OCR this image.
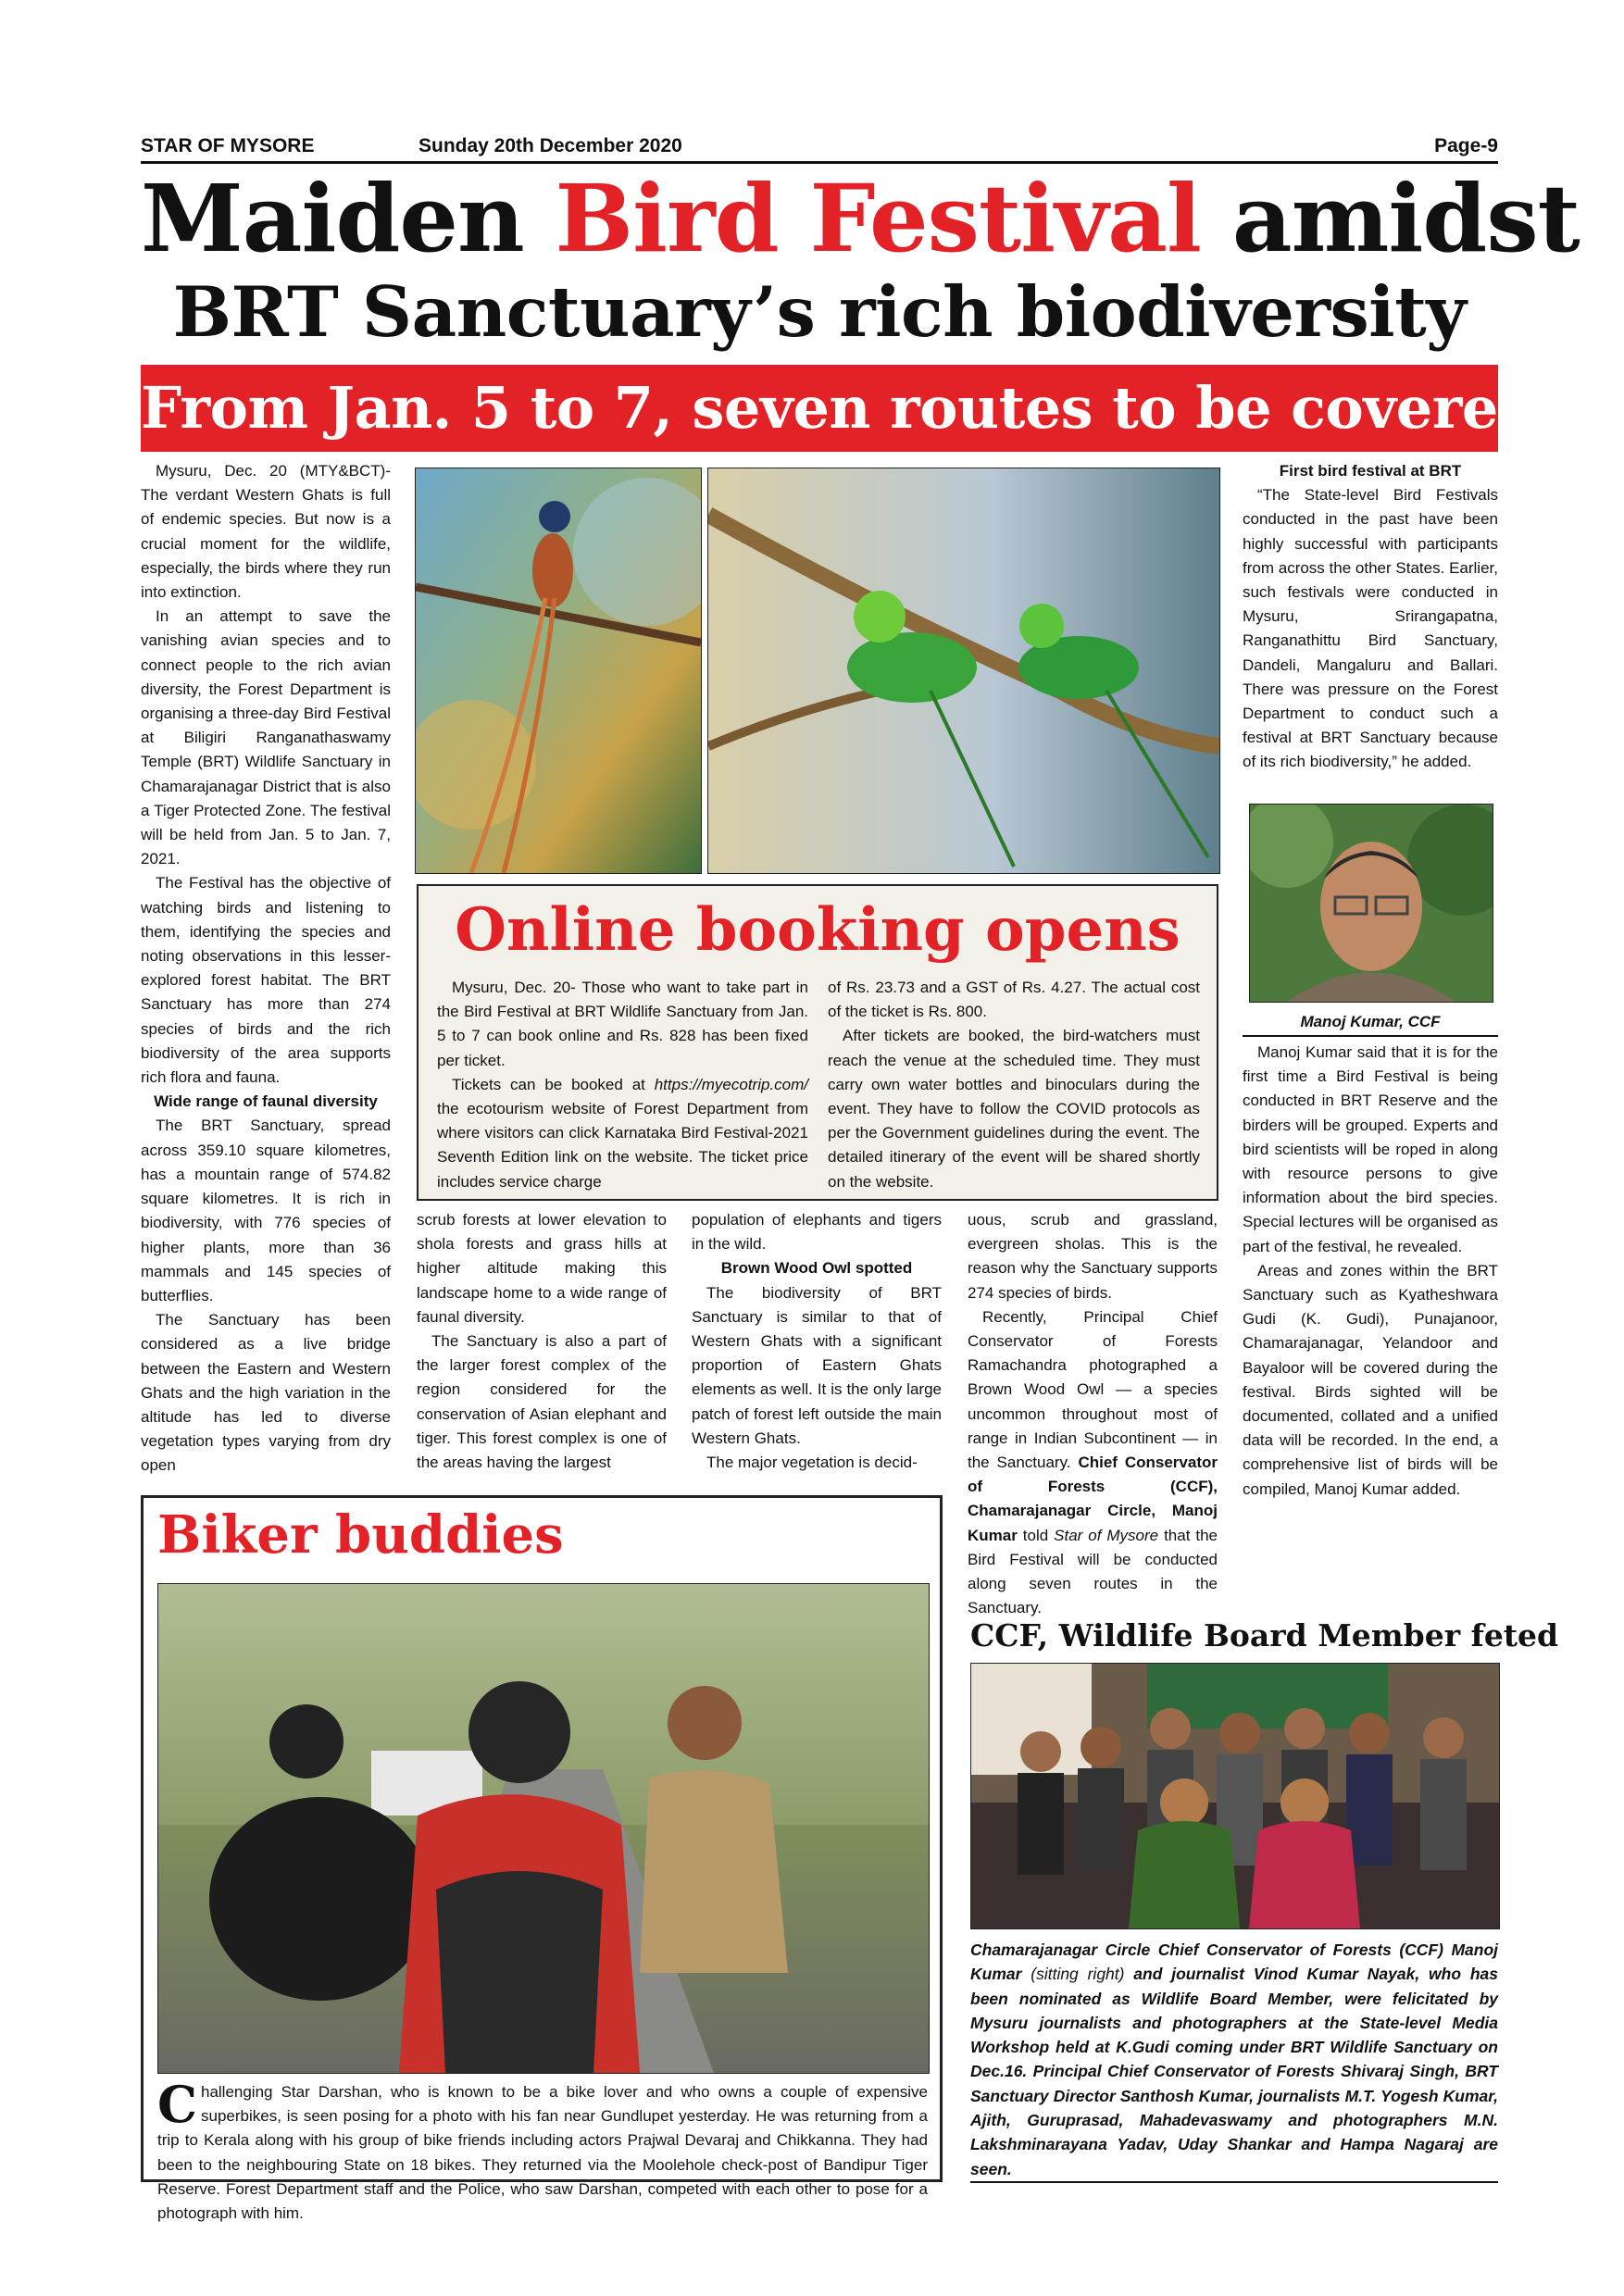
STAR OF MYSORE	Sunday 20th December 2020	Page-9
Maiden Bird Festival amidst
BRT Sanctuary’s rich biodiversity
From Jan. 5 to 7, seven routes to be covered

Mysuru, Dec. 20 (MTY&BCT)- The verdant Western Ghats is full of endemic species. But now is a crucial moment for the wildlife, especially, the birds where they run into extinction.

In an attempt to save the vanishing avian species and to connect people to the rich avian diversity, the Forest Department is organising a three-day Bird Festival at Biligiri Ranganathaswamy Temple (BRT) Wildlife Sanctuary in Chamarajanagar District that is also a Tiger Protected Zone. The festival will be held from Jan. 5 to Jan. 7, 2021.

The Festival has the objective of watching birds and listening to them, identifying the species and noting observations in this lesser-explored forest habitat. The BRT Sanctuary has more than 274 species of birds and the rich biodiversity of the area supports rich flora and fauna.

Wide range of faunal diversity

The BRT Sanctuary, spread across 359.10 square kilometres, has a mountain range of 574.82 square kilometres. It is rich in biodiversity, with 776 species of higher plants, more than 36 mammals and 145 species of butterflies.

The Sanctuary has been considered as a live bridge between the Eastern and Western Ghats and the high variation in the altitude has led to diverse vegetation types varying from dry open

Online booking opens

Mysuru, Dec. 20- Those who want to take part in the Bird Festival at BRT Wildlife Sanctuary from Jan. 5 to 7 can book online and Rs. 828 has been fixed per ticket.

Tickets can be booked at https://myecotrip.com/ the ecotourism website of Forest Department from where visitors can click Karnataka Bird Festival-2021 Seventh Edition link on the website. The ticket price includes service charge

of Rs. 23.73 and a GST of Rs. 4.27. The actual cost of the ticket is Rs. 800.

After tickets are booked, the bird-watchers must reach the venue at the scheduled time. They must carry own water bottles and binoculars during the event. They have to follow the COVID protocols as per the Government guidelines during the event. The detailed itinerary of the event will be shared shortly on the website.

scrub forests at lower elevation to shola forests and grass hills at higher altitude making this landscape home to a wide range of faunal diversity.

The Sanctuary is also a part of the larger forest complex of the region considered for the conservation of Asian elephant and tiger. This forest complex is one of the areas having the largest

population of elephants and tigers in the wild.

Brown Wood Owl spotted

The biodiversity of BRT Sanctuary is similar to that of Western Ghats with a significant proportion of Eastern Ghats elements as well. It is the only large patch of forest left outside the main Western Ghats.

The major vegetation is decid-

uous, scrub and grassland, evergreen sholas. This is the reason why the Sanctuary supports 274 species of birds.

Recently, Principal Chief Conservator of Forests Ramachandra photographed a Brown Wood Owl — a species uncommon throughout most of range in Indian Subcontinent — in the Sanctuary. Chief Conservator of Forests (CCF), Chamarajanagar Circle, Manoj Kumar told Star of Mysore that the Bird Festival will be conducted along seven routes in the Sanctuary.

First bird festival at BRT

“The State-level Bird Festivals conducted in the past have been highly successful with participants from across the other States. Earlier, such festivals were conducted in Mysuru, Srirangapatna, Ranganathittu Bird Sanctuary, Dandeli, Mangaluru and Ballari. There was pressure on the Forest Department to conduct such a festival at BRT Sanctuary because of its rich biodiversity,” he added.

Manoj Kumar, CCF

Manoj Kumar said that it is for the first time a Bird Festival is being conducted in BRT Reserve and the birders will be grouped. Experts and bird scientists will be roped in along with resource persons to give information about the bird species. Special lectures will be organised as part of the festival, he revealed.

Areas and zones within the BRT Sanctuary such as Kyatheshwara Gudi (K. Gudi), Punajanoor, Chamarajanagar, Yelandoor and Bayaloor will be covered during the festival. Birds sighted will be documented, collated and a unified data will be recorded. In the end, a comprehensive list of birds will be compiled, Manoj Kumar added.

Biker buddies
Challenging Star Darshan, who is known to be a bike lover and who owns a couple of expensive superbikes, is seen posing for a photo with his fan near Gundlupet yesterday. He was returning from a trip to Kerala along with his group of bike friends including actors Prajwal Devaraj and Chikkanna. They had been to the neighbouring State on 18 bikes. They returned via the Moolehole check-post of Bandipur Tiger Reserve. Forest Department staff and the Police, who saw Darshan, competed with each other to pose for a photograph with him.
CCF, Wildlife Board Member feted
Chamarajanagar Circle Chief Conservator of Forests (CCF) Manoj Kumar (sitting right) and journalist Vinod Kumar Nayak, who has been nominated as Wildlife Board Member, were felicitated by Mysuru journalists and photographers at the State-level Media Workshop held at K.Gudi coming under BRT Wildlife Sanctuary on Dec.16. Principal Chief Conservator of Forests Shivaraj Singh, BRT Sanctuary Director Santhosh Kumar, journalists M.T. Yogesh Kumar, Ajith, Guruprasad, Mahadevaswamy and photographers M.N. Lakshminarayana Yadav, Uday Shankar and Hampa Nagaraj are seen.
